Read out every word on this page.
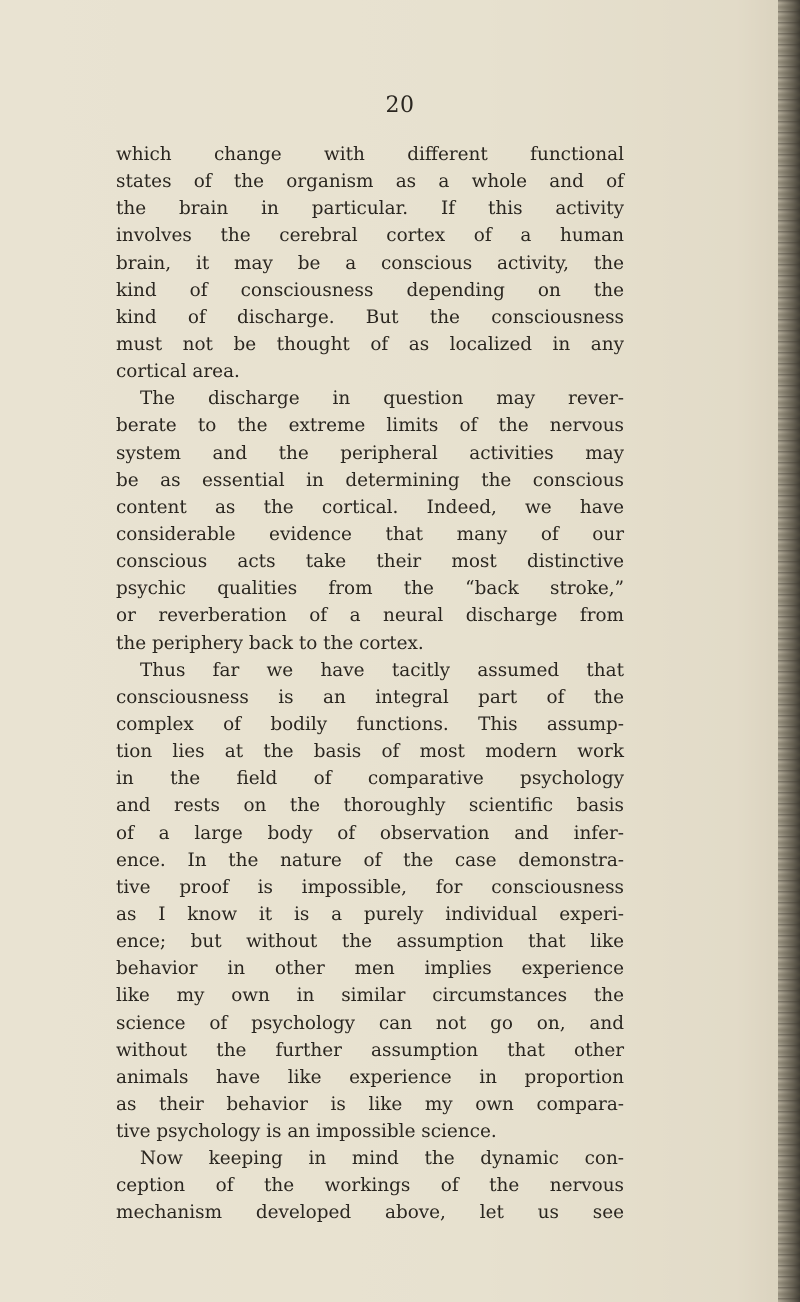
20
which change with different functional
states of the organism as a whole and of
the brain in particular. If this activity
involves the cerebral cortex of a human
brain, it may be a conscious activity, the
kind of consciousness depending on the
kind of discharge. But the consciousness
must not be thought of as localized in any
cortical area.
The discharge in question may rever-
berate to the extreme limits of the nervous
system and the peripheral activities may
be as essential in determining the conscious
content as the cortical. Indeed, we have
considerable evidence that many of our
conscious acts take their most distinctive
psychic qualities from the “back stroke,”
or reverberation of a neural discharge from
the periphery back to the cortex.
Thus far we have tacitly assumed that
consciousness is an integral part of the
complex of bodily functions. This assump-
tion lies at the basis of most modern work
in the field of comparative psychology
and rests on the thoroughly scientific basis
of a large body of observation and infer-
ence. In the nature of the case demonstra-
tive proof is impossible, for consciousness
as I know it is a purely individual experi-
ence; but without the assumption that like
behavior in other men implies experience
like my own in similar circumstances the
science of psychology can not go on, and
without the further assumption that other
animals have like experience in proportion
as their behavior is like my own compara-
tive psychology is an impossible science.
Now keeping in mind the dynamic con-
ception of the workings of the nervous
mechanism developed above, let us see
